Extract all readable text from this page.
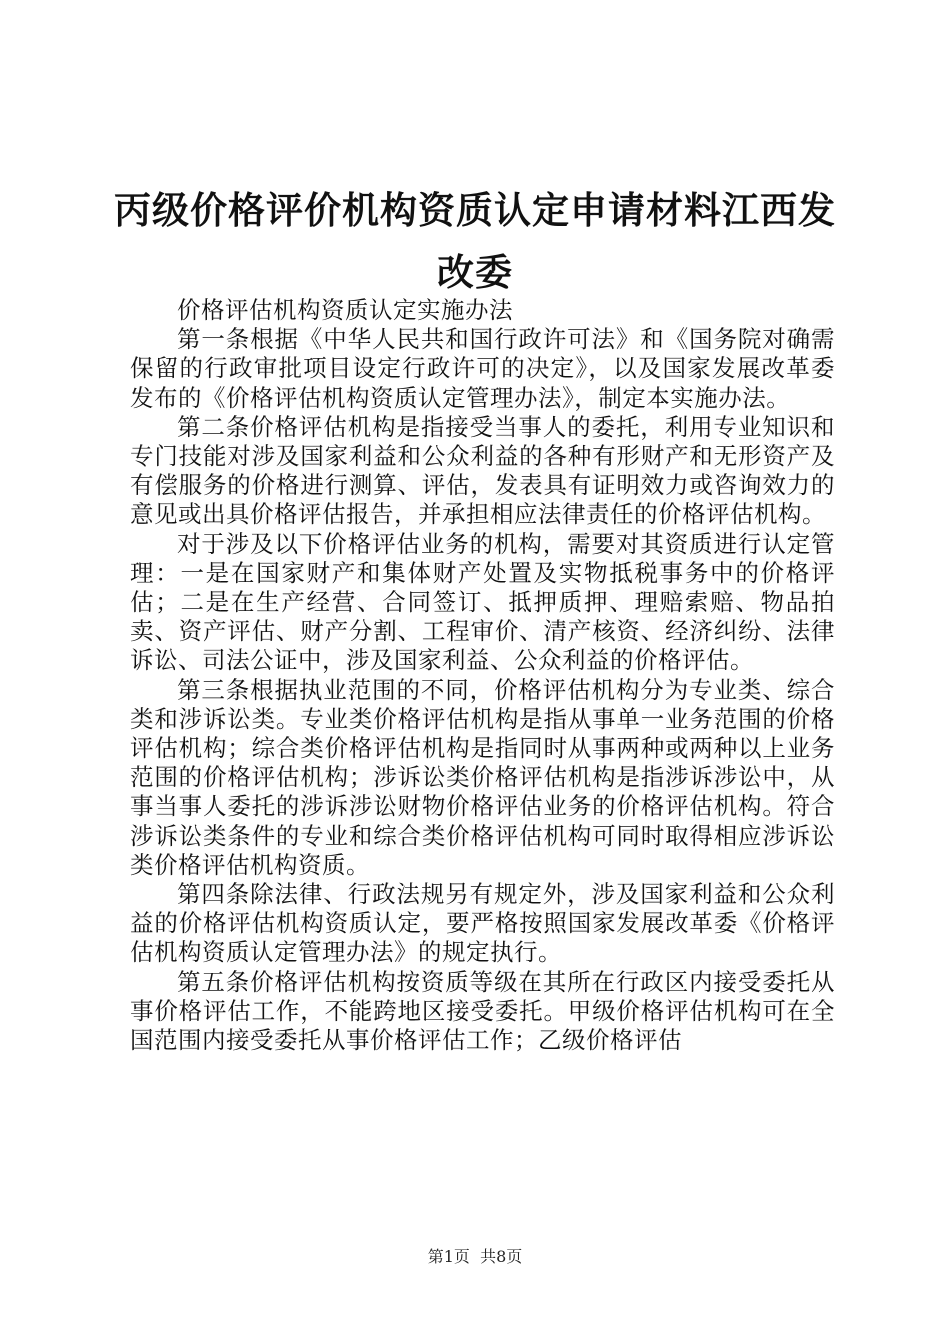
丙级价格评价机构资质认定申请材料江西发改委

价格评估机构资质认定实施办法

第一条根据《中华人民共和国行政许可法》和《国务院对确需保留的行政审批项目设定行政许可的决定》，以及国家发展改革委发布的《价格评估机构资质认定管理办法》，制定本实施办法。

第二条价格评估机构是指接受当事人的委托，利用专业知识和专门技能对涉及国家利益和公众利益的各种有形财产和无形资产及有偿服务的价格进行测算、评估，发表具有证明效力或咨询效力的意见或出具价格评估报告，并承担相应法律责任的价格评估机构。

对于涉及以下价格评估业务的机构，需要对其资质进行认定管理：一是在国家财产和集体财产处置及实物抵税事务中的价格评估；二是在生产经营、合同签订、抵押质押、理赔索赔、物品拍卖、资产评估、财产分割、工程审价、清产核资、经济纠纷、法律诉讼、司法公证中，涉及国家利益、公众利益的价格评估。

第三条根据执业范围的不同，价格评估机构分为专业类、综合类和涉诉讼类。专业类价格评估机构是指从事单一业务范围的价格评估机构；综合类价格评估机构是指同时从事两种或两种以上业务范围的价格评估机构；涉诉讼类价格评估机构是指涉诉涉讼中，从事当事人委托的涉诉涉讼财物价格评估业务的价格评估机构。符合涉诉讼类条件的专业和综合类价格评估机构可同时取得相应涉诉讼类价格评估机构资质。

第四条除法律、行政法规另有规定外，涉及国家利益和公众利益的价格评估机构资质认定，要严格按照国家发展改革委《价格评估机构资质认定管理办法》的规定执行。

第五条价格评估机构按资质等级在其所在行政区内接受委托从事价格评估工作，不能跨地区接受委托。甲级价格评估机构可在全国范围内接受委托从事价格评估工作；乙级价格评估

第1页  共8页
